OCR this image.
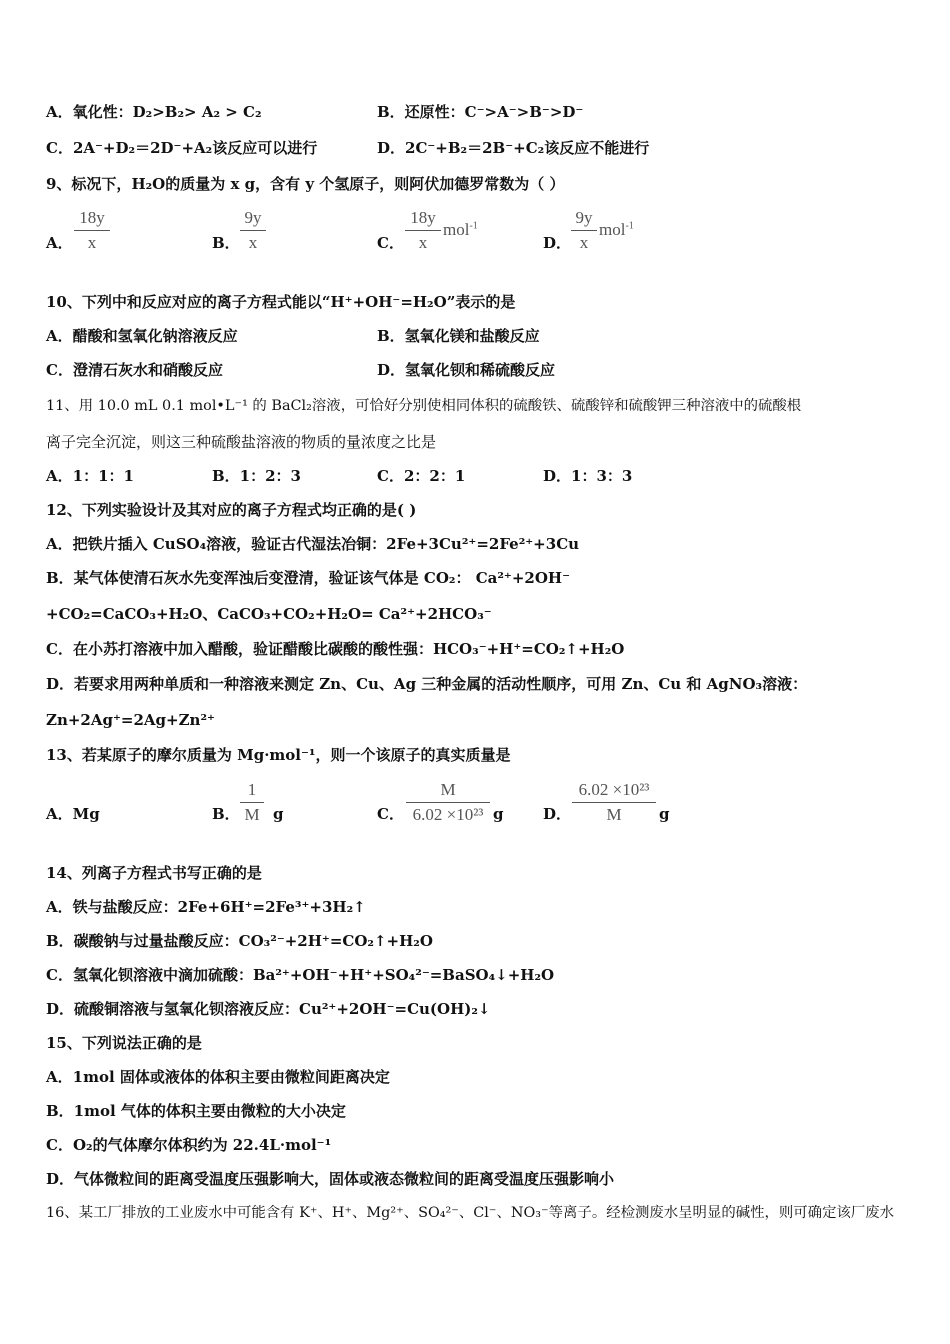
A．氧化性：D₂>B₂> A₂ > C₂	B．还原性：C⁻>A⁻>B⁻>D⁻
C．2A⁻+D₂＝2D⁻+A₂该反应可以进行	D．2C⁻+B₂＝2B⁻+C₂该反应不能进行
9、标况下，H₂O的质量为 x g，含有 y 个氢原子，则阿伏加德罗常数为（ ）
A．
18y
x	B．
9y
x	C．
18y
x
mol$^{-1}$
D．
9y
x
mol$^{-1}$
10、下列中和反应对应的离子方程式能以“H⁺+OH⁻=H₂O”表示的是
A．醋酸和氢氧化钠溶液反应	B．氢氧化镁和盐酸反应
C．澄清石灰水和硝酸反应	D．氢氧化钡和稀硫酸反应
11、用 10.0 mL 0.1 mol•L⁻¹ 的 BaCl₂溶液，可恰好分别使相同体积的硫酸铁、硫酸锌和硫酸钾三种溶液中的硫酸根
离子完全沉淀，则这三种硫酸盐溶液的物质的量浓度之比是
A．1：1：1	B．1：2：3	C．2：2：1	D．1：3：3
12、下列实验设计及其对应的离子方程式均正确的是( )
A．把铁片插入 CuSO₄溶液，验证古代湿法冶铜：2Fe+3Cu²⁺=2Fe²⁺+3Cu
B．某气体使清石灰水先变浑浊后变澄清，验证该气体是 CO₂： Ca²⁺+2OH⁻
+CO₂=CaCO₃+H₂O、CaCO₃+CO₂+H₂O= Ca²⁺+2HCO₃⁻
C．在小苏打溶液中加入醋酸，验证醋酸比碳酸的酸性强：HCO₃⁻+H⁺=CO₂↑+H₂O
D．若要求用两种单质和一种溶液来测定 Zn、Cu、Ag 三种金属的活动性顺序，可用 Zn、Cu 和 AgNO₃溶液：
Zn+2Ag⁺=2Ag+Zn²⁺
13、若某原子的摩尔质量为 Mg·mol⁻¹，则一个该原子的真实质量是
A．Mg	B．
1
M g	C．
M
6.02 ×10²³ g	D．
6.02 ×10²³
M	g
14、列离子方程式书写正确的是
A．铁与盐酸反应：2Fe+6H⁺=2Fe³⁺+3H₂↑
B．碳酸钠与过量盐酸反应：CO₃²⁻+2H⁺=CO₂↑+H₂O
C．氢氧化钡溶液中滴加硫酸：Ba²⁺+OH⁻+H⁺+SO₄²⁻=BaSO₄↓+H₂O
D．硫酸铜溶液与氢氧化钡溶液反应：Cu²⁺+2OH⁻=Cu(OH)₂↓
15、下列说法正确的是
A．1mol 固体或液体的体积主要由微粒间距离决定
B．1mol 气体的体积主要由微粒的大小决定
C．O₂的气体摩尔体积约为 22.4L·mol⁻¹
D．气体微粒间的距离受温度压强影响大，固体或液态微粒间的距离受温度压强影响小
16、某工厂排放的工业废水中可能含有 K⁺、H⁺、Mg²⁺、SO₄²⁻、Cl⁻、NO₃⁻等离子。经检测废水呈明显的碱性，则可确定该厂废水
